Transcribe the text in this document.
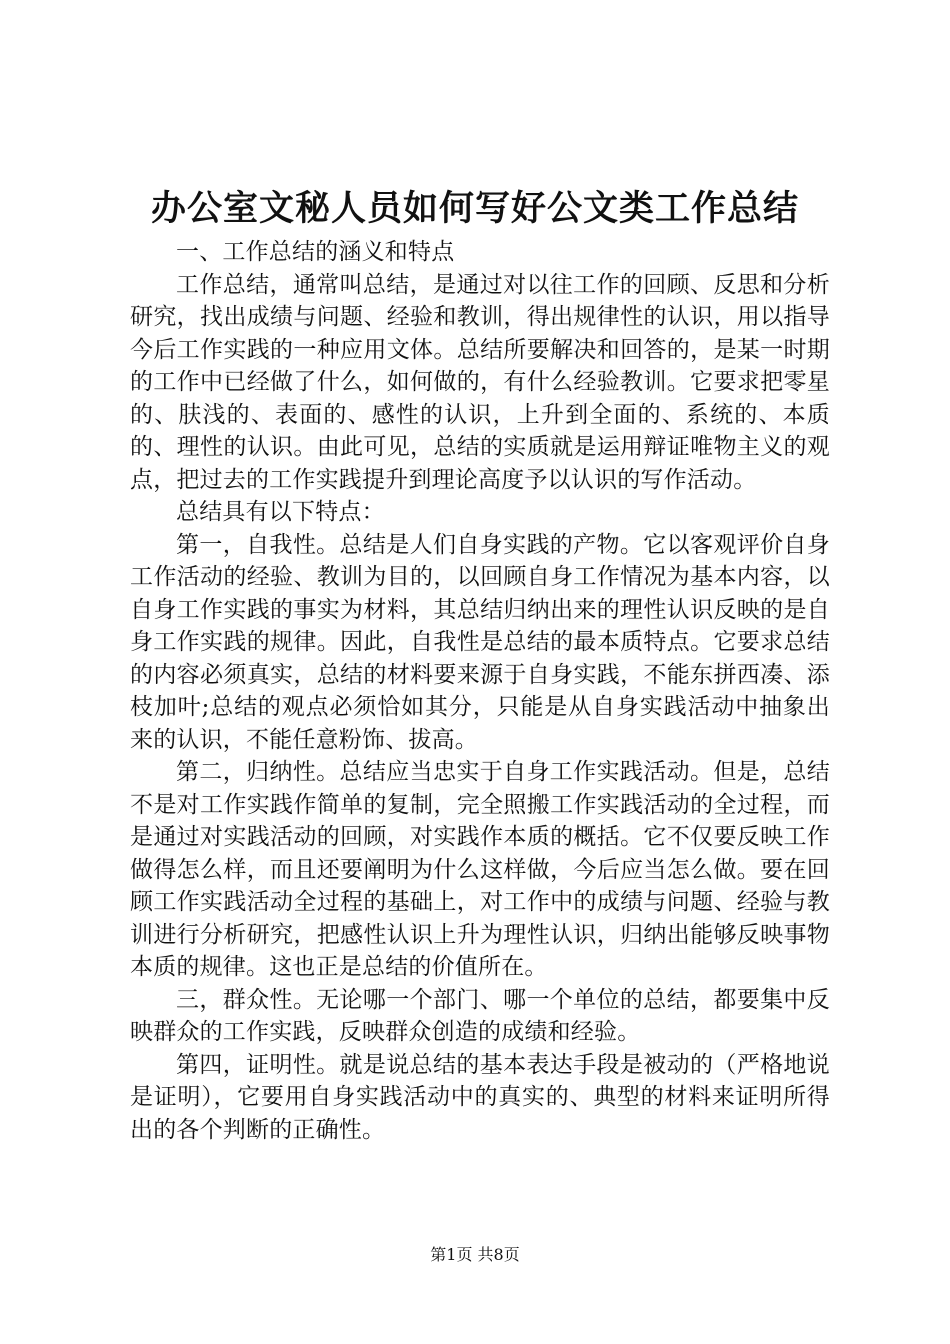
办公室文秘人员如何写好公文类工作总结

一、工作总结的涵义和特点

工作总结，通常叫总结，是通过对以往工作的回顾、反思和分析研究，找出成绩与问题、经验和教训，得出规律性的认识，用以指导今后工作实践的一种应用文体。总结所要解决和回答的，是某一时期的工作中已经做了什么，如何做的，有什么经验教训。它要求把零星的、肤浅的、表面的、感性的认识，上升到全面的、系统的、本质的、理性的认识。由此可见，总结的实质就是运用辩证唯物主义的观点，把过去的工作实践提升到理论高度予以认识的写作活动。

总结具有以下特点：

第一，自我性。总结是人们自身实践的产物。它以客观评价自身工作活动的经验、教训为目的，以回顾自身工作情况为基本内容，以自身工作实践的事实为材料，其总结归纳出来的理性认识反映的是自身工作实践的规律。因此，自我性是总结的最本质特点。它要求总结的内容必须真实，总结的材料要来源于自身实践，不能东拼西凑、添枝加叶;总结的观点必须恰如其分，只能是从自身实践活动中抽象出来的认识，不能任意粉饰、拔高。

第二，归纳性。总结应当忠实于自身工作实践活动。但是，总结不是对工作实践作简单的复制，完全照搬工作实践活动的全过程，而是通过对实践活动的回顾，对实践作本质的概括。它不仅要反映工作做得怎么样，而且还要阐明为什么这样做，今后应当怎么做。要在回顾工作实践活动全过程的基础上，对工作中的成绩与问题、经验与教训进行分析研究，把感性认识上升为理性认识，归纳出能够反映事物本质的规律。这也正是总结的价值所在。

三，群众性。无论哪一个部门、哪一个单位的总结，都要集中反映群众的工作实践，反映群众创造的成绩和经验。

第四，证明性。就是说总结的基本表达手段是被动的（严格地说是证明），它要用自身实践活动中的真实的、典型的材料来证明所得出的各个判断的正确性。

第1页 共8页
